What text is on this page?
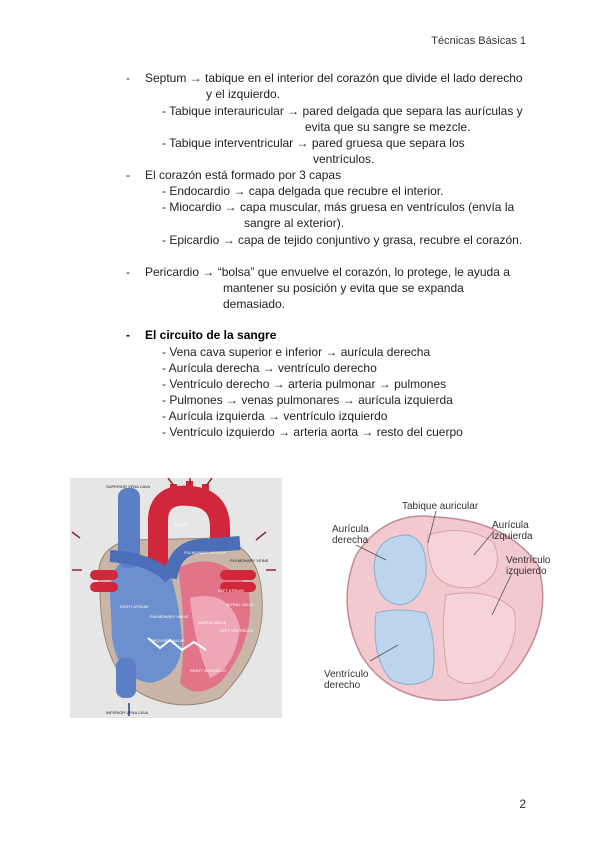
Técnicas Básicas 1
- Septum → tabique en el interior del corazón que divide el lado derecho
y el izquierdo.
- Tabique interauricular → pared delgada que separa las aurículas y
evita que su sangre se mezcle.
- Tabique interventricular → pared gruesa que separa los
ventrículos.
- El corazón está formado por 3 capas
- Endocardio → capa delgada que recubre el interior.
- Miocardio → capa muscular, más gruesa en ventrículos (envía la
sangre al exterior).
- Epicardio → capa de tejido conjuntivo y grasa, recubre el corazón.
- Pericardio → “bolsa” que envuelve el corazón, lo protege, le ayuda a
mantener su posición y evita que se expanda
demasiado.
- El circuito de la sangre
- Vena cava superior e inferior → aurícula derecha
- Aurícula derecha → ventrículo derecho
- Ventrículo derecho → arteria pulmonar → pulmones
- Pulmones → venas pulmonares → aurícula izquierda
- Aurícula izquierda → ventrículo izquierdo
- Ventrículo izquierdo → arteria aorta → resto del cuerpo
SUPERIOR VENA CAVA
AORTA
PULMONARY ARTERY
PULMONARY VEINS
LEFT ATRIUM
RIGHT ATRIUM
PULMONARY VALVE
MITRAL VALVE
AORTIC VALVE
TRICUSPID VALVE
LEFT VENTRICLE
RIGHT VENTRICLE
INFERIOR VENA CAVA
Tabique auricular
Aurícula
derecha
Aurícula
izquierda
Ventrículo
izquierdo
Ventrículo
derecho
2
